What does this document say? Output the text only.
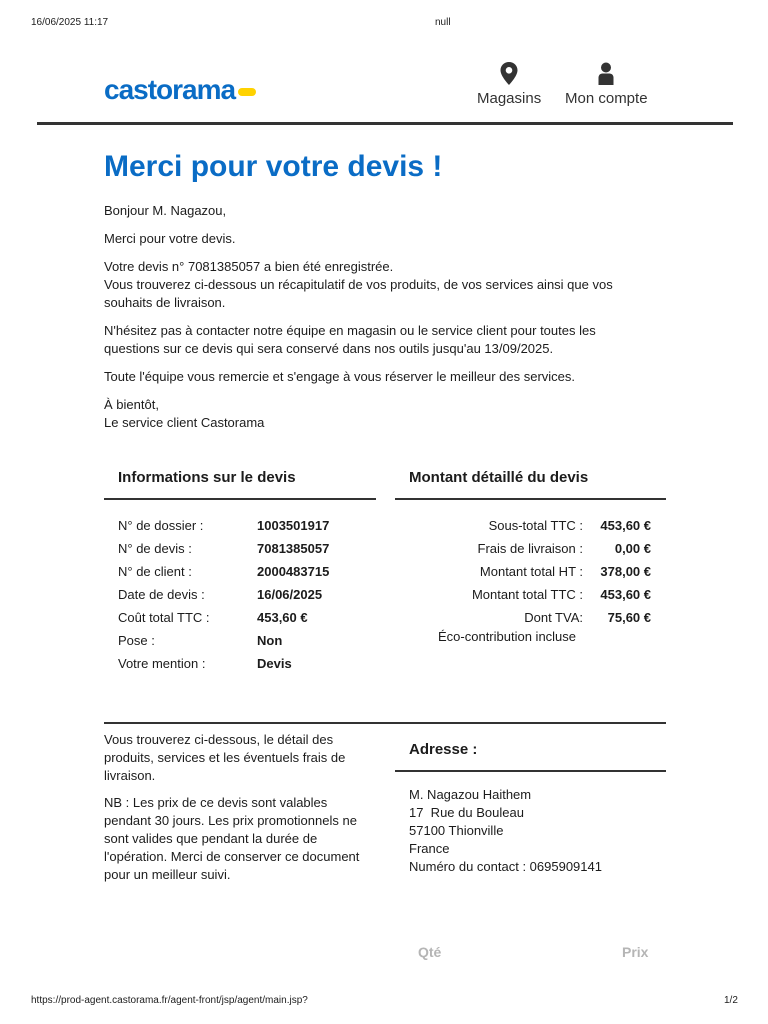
16/06/2025 11:17	null
castorama	Magasins Mon compte
Merci pour votre devis !

Bonjour M. Nagazou,

Merci pour votre devis.

Votre devis n° 7081385057 a bien été enregistrée.
Vous trouverez ci-dessous un récapitulatif de vos produits, de vos services ainsi que vos souhaits de livraison.

N'hésitez pas à contacter notre équipe en magasin ou le service client pour toutes les questions sur ce devis qui sera conservé dans nos outils jusqu'au 13/09/2025.

Toute l'équipe vous remercie et s'engage à vous réserver le meilleur des services.

À bientôt,
Le service client Castorama

Informations sur le devis	Montant détaillé du devis
N° de dossier :	1003501917
N° de devis :	7081385057
N° de client :	2000483715
Date de devis :	16/06/2025
Coût total TTC :	453,60 €
Pose :	Non
Votre mention :	Devis
Sous-total TTC :	453,60 €
Frais de livraison :	0,00 €
Montant total HT :	378,00 €
Montant total TTC :	453,60 €
Dont TVA:	75,60 €
Éco-contribution incluse

Vous trouverez ci-dessous, le détail des produits, services et les éventuels frais de livraison.

NB : Les prix de ce devis sont valables pendant 30 jours. Les prix promotionnels ne sont valides que pendant la durée de l'opération. Merci de conserver ce document pour un meilleur suivi.

Adresse :
M. Nagazou Haithem
17  Rue du Bouleau
57100 Thionville
France
Numéro du contact : 0695909141
Qté	Prix
https://prod-agent.castorama.fr/agent-front/jsp/agent/main.jsp?	1/2
